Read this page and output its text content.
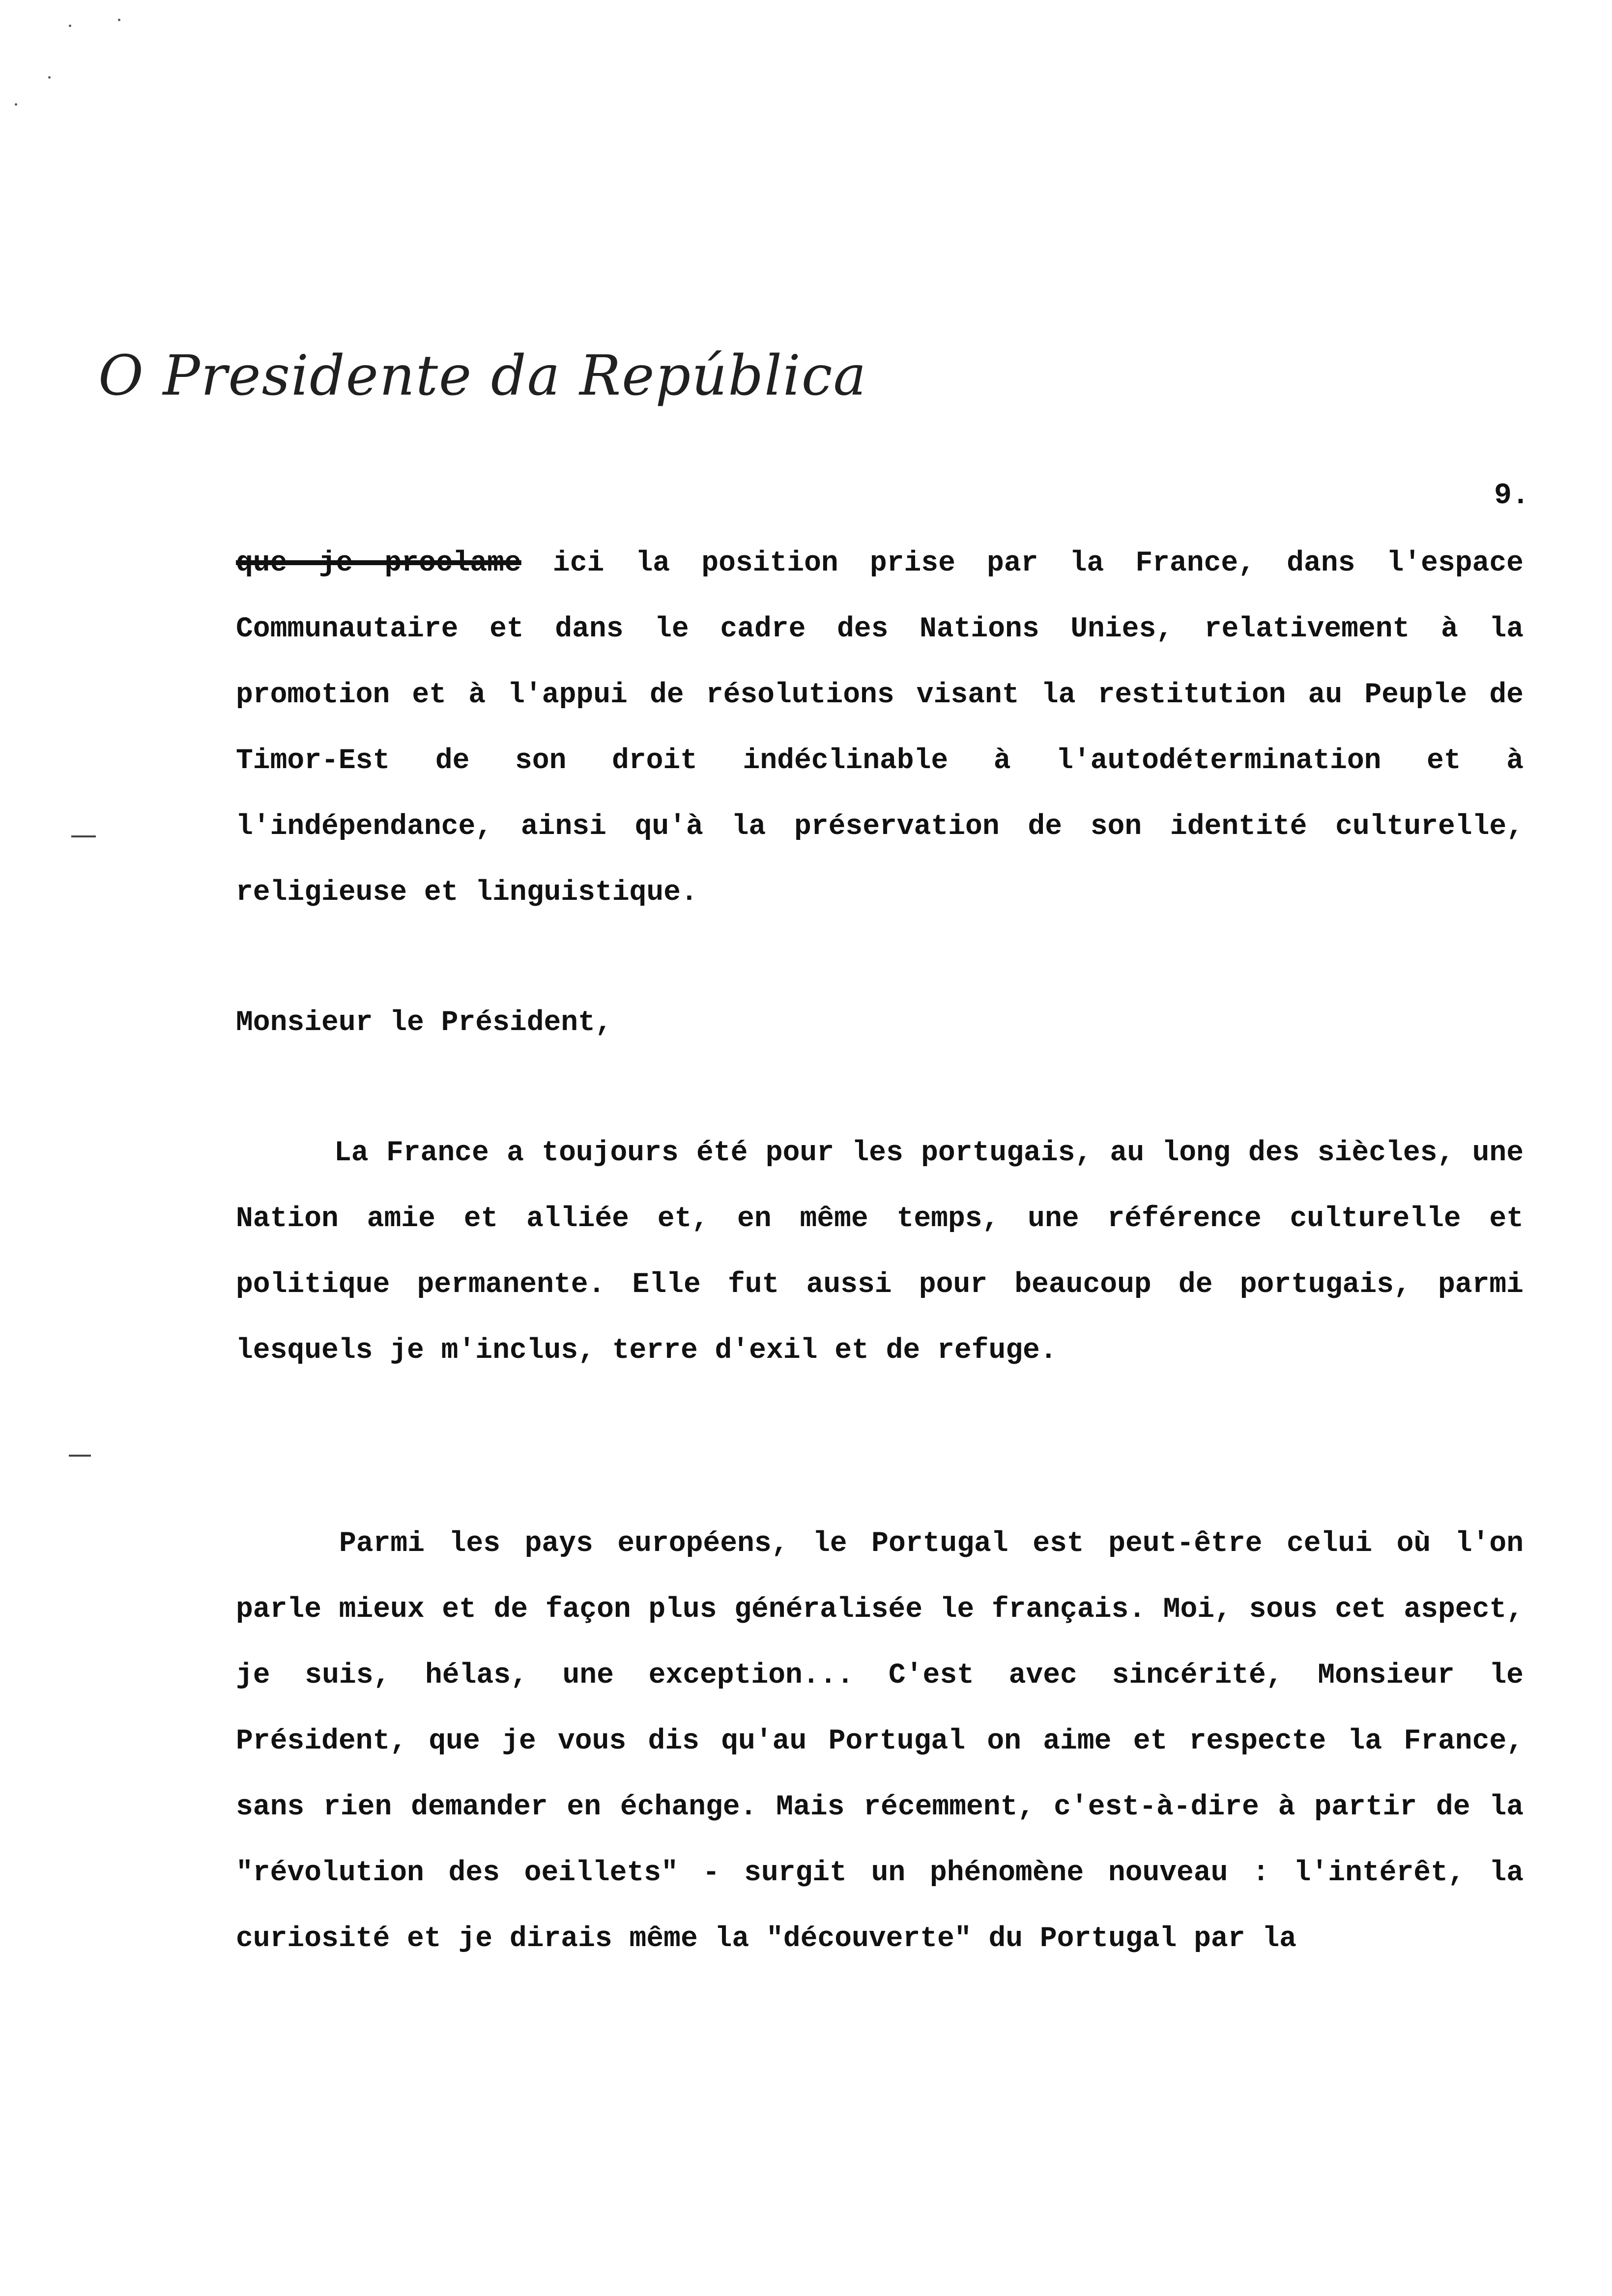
O Presidente da República
9.
que je proclame ici la position prise par la France, dans l'espace Communautaire et dans le cadre des Nations Unies, relativement à la promotion et à l'appui de résolutions visant la restitution au Peuple de Timor-Est de son droit indéclinable à l'autodétermination et à l'indépendance, ainsi qu'à la préservation de son identité culturelle, religieuse et linguistique.
Monsieur le Président,
La France a toujours été pour les portugais, au long des siècles, une Nation amie et alliée et, en même temps, une référence culturelle et politique permanente. Elle fut aussi pour beaucoup de portugais, parmi lesquels je m'inclus, terre d'exil et de refuge.
Parmi les pays européens, le Portugal est peut-être celui où l'on parle mieux et de façon plus généralisée le français. Moi, sous cet aspect, je suis, hélas, une exception... C'est avec sincérité, Monsieur le Président, que je vous dis qu'au Portugal on aime et respecte la France, sans rien demander en échange. Mais récemment, c'est-à-dire à partir de la "révolution des oeillets" - surgit un phénomène nouveau : l'intérêt, la curiosité et je dirais même la "découverte" du Portugal par la
